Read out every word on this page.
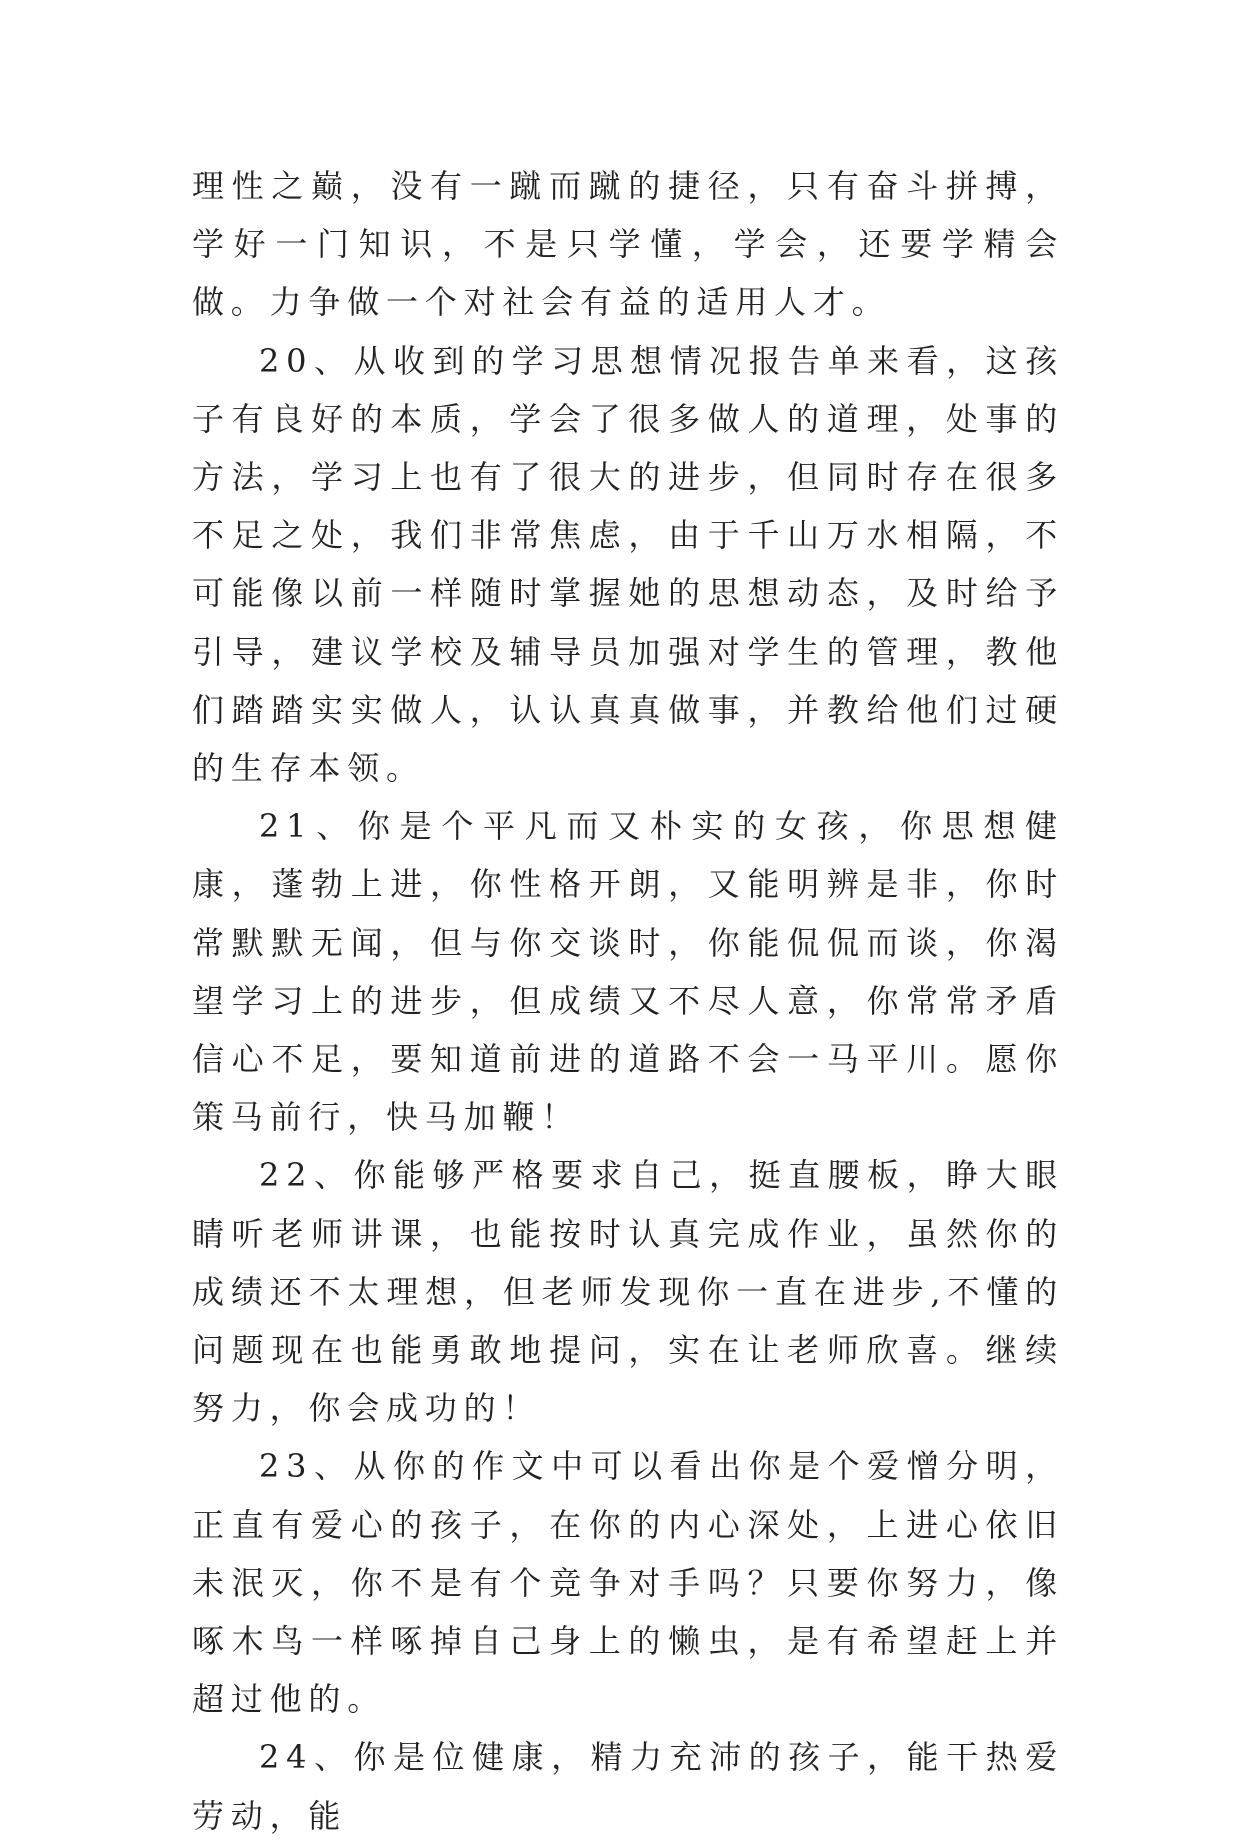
理性之巅，没有一蹴而蹴的捷径，只有奋斗拼搏，学好一门知识，不是只学懂，学会，还要学精会做。力争做一个对社会有益的适用人才。

20、从收到的学习思想情况报告单来看，这孩子有良好的本质，学会了很多做人的道理，处事的方法，学习上也有了很大的进步，但同时存在很多不足之处，我们非常焦虑，由于千山万水相隔，不可能像以前一样随时掌握她的思想动态，及时给予引导，建议学校及辅导员加强对学生的管理，教他们踏踏实实做人，认认真真做事，并教给他们过硬的生存本领。

21、你是个平凡而又朴实的女孩，你思想健康，蓬勃上进，你性格开朗，又能明辨是非，你时常默默无闻，但与你交谈时，你能侃侃而谈，你渴望学习上的进步，但成绩又不尽人意，你常常矛盾信心不足，要知道前进的道路不会一马平川。愿你策马前行，快马加鞭！

22、你能够严格要求自己，挺直腰板，睁大眼睛听老师讲课，也能按时认真完成作业，虽然你的成绩还不太理想，但老师发现你一直在进步,不懂的问题现在也能勇敢地提问，实在让老师欣喜。继续努力，你会成功的！

23、从你的作文中可以看出你是个爱憎分明，正直有爱心的孩子，在你的内心深处，上进心依旧未泯灭，你不是有个竞争对手吗？只要你努力，像啄木鸟一样啄掉自己身上的懒虫，是有希望赶上并超过他的。

24、你是位健康，精力充沛的孩子，能干热爱劳动，能
